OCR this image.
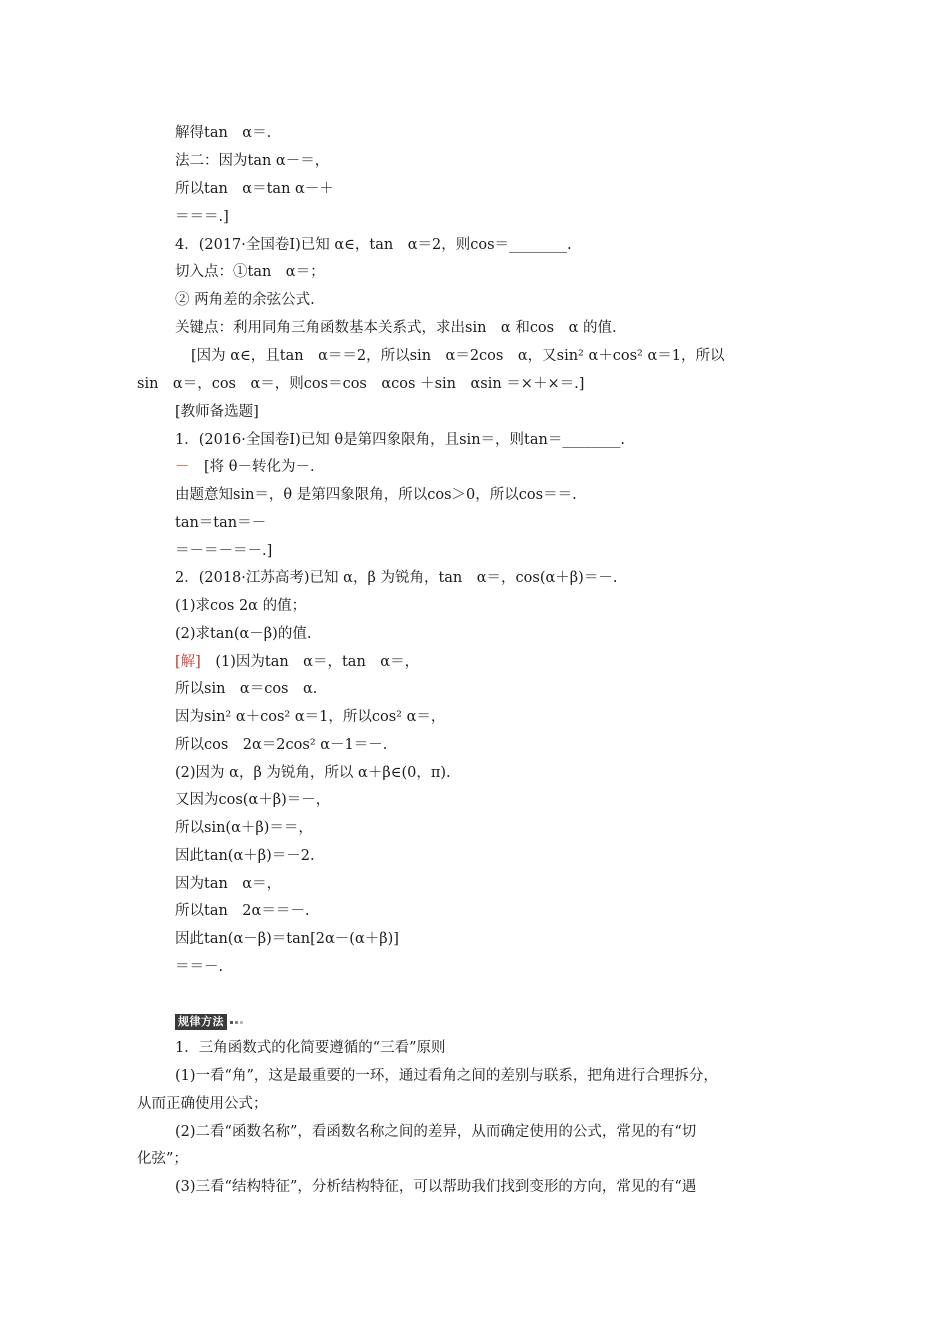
解得tan　α＝.
法二：因为tan α－＝，
所以tan　α＝tan α－＋
＝＝＝.]
4．(2017·全国卷Ⅰ)已知 α∈，tan　α＝2，则cos＝________.
切入点：①tan　α＝；
② 两角差的余弦公式.
关键点：利用同角三角函数基本关系式，求出sin　α 和cos　α 的值.
[因为 α∈，且tan　α＝＝2，所以sin　α＝2cos　α，又sin² α＋cos² α＝1，所以
sin　α＝，cos　α＝，则cos＝cos　αcos ＋sin　αsin ＝×＋×＝.]
[教师备选题]
1．(2016·全国卷Ⅰ)已知 θ是第四象限角，且sin＝，则tan＝________.
－　[将 θ－转化为－.
由题意知sin＝，θ 是第四象限角，所以cos＞0，所以cos＝＝.
tan＝tan＝－
＝－＝－＝－.]
2．(2018·江苏高考)已知 α，β 为锐角，tan　α＝，cos(α＋β)＝－.
(1)求cos 2α 的值；
(2)求tan(α－β)的值.
[解]　 (1)因为tan　α＝，tan　α＝，
所以sin　α＝cos　α.
因为sin² α＋cos² α＝1，所以cos² α＝，
所以cos　2α＝2cos² α－1＝－.
(2)因为 α，β 为锐角，所以 α＋β∈(0，π).
又因为cos(α＋β)＝－，
所以sin(α＋β)＝＝，
因此tan(α＋β)＝－2.
因为tan　α＝，
所以tan　2α＝＝－.
因此tan(α－β)＝tan[2α－(α＋β)]
＝＝－.
规律方法
1．三角函数式的化简要遵循的“三看”原则
(1)一看“角”，这是最重要的一环，通过看角之间的差别与联系，把角进行合理拆分，
从而正确使用公式；
(2)二看“函数名称”，看函数名称之间的差异，从而确定使用的公式，常见的有“切
化弦”；
(3)三看“结构特征”，分析结构特征，可以帮助我们找到变形的方向，常见的有“遇
